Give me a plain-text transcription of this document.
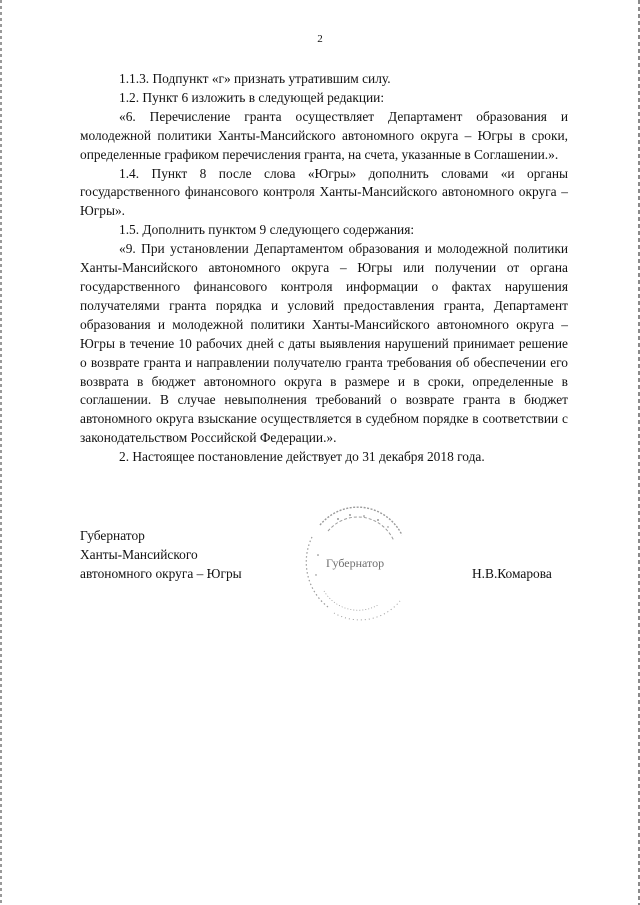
2

1.1.3. Подпункт «г» признать утратившим силу.

1.2. Пункт 6 изложить в следующей редакции:

«6. Перечисление гранта осуществляет Департамент образования и молодежной политики Ханты-Мансийского автономного округа – Югры в сроки, определенные графиком перечисления гранта, на счета, указанные в Соглашении.».

1.4. Пункт 8 после слова «Югры» дополнить словами «и органы государственного финансового контроля Ханты-Мансийского автономного округа – Югры».

1.5. Дополнить пунктом 9 следующего содержания:

«9. При установлении Департаментом образования и молодежной политики Ханты-Мансийского автономного округа – Югры или получении от органа государственного финансового контроля информации о фактах нарушения получателями гранта порядка и условий предоставления гранта, Департамент образования и молодежной политики Ханты-Мансийского автономного округа – Югры в течение 10 рабочих дней с даты выявления нарушений принимает решение о возврате гранта и направлении получателю гранта требования об обеспечении его возврата в бюджет автономного округа в размере и в сроки, определенные в соглашении. В случае невыполнения требований о возврате гранта в бюджет автономного округа взыскание осуществляется в судебном порядке в соответствии с законодательством Российской Федерации.».

2. Настоящее постановление действует до 31 декабря 2018 года.

Губернатор
Ханты-Мансийского
автономного округа – Югры
Губернатор
Н.В.Комарова
